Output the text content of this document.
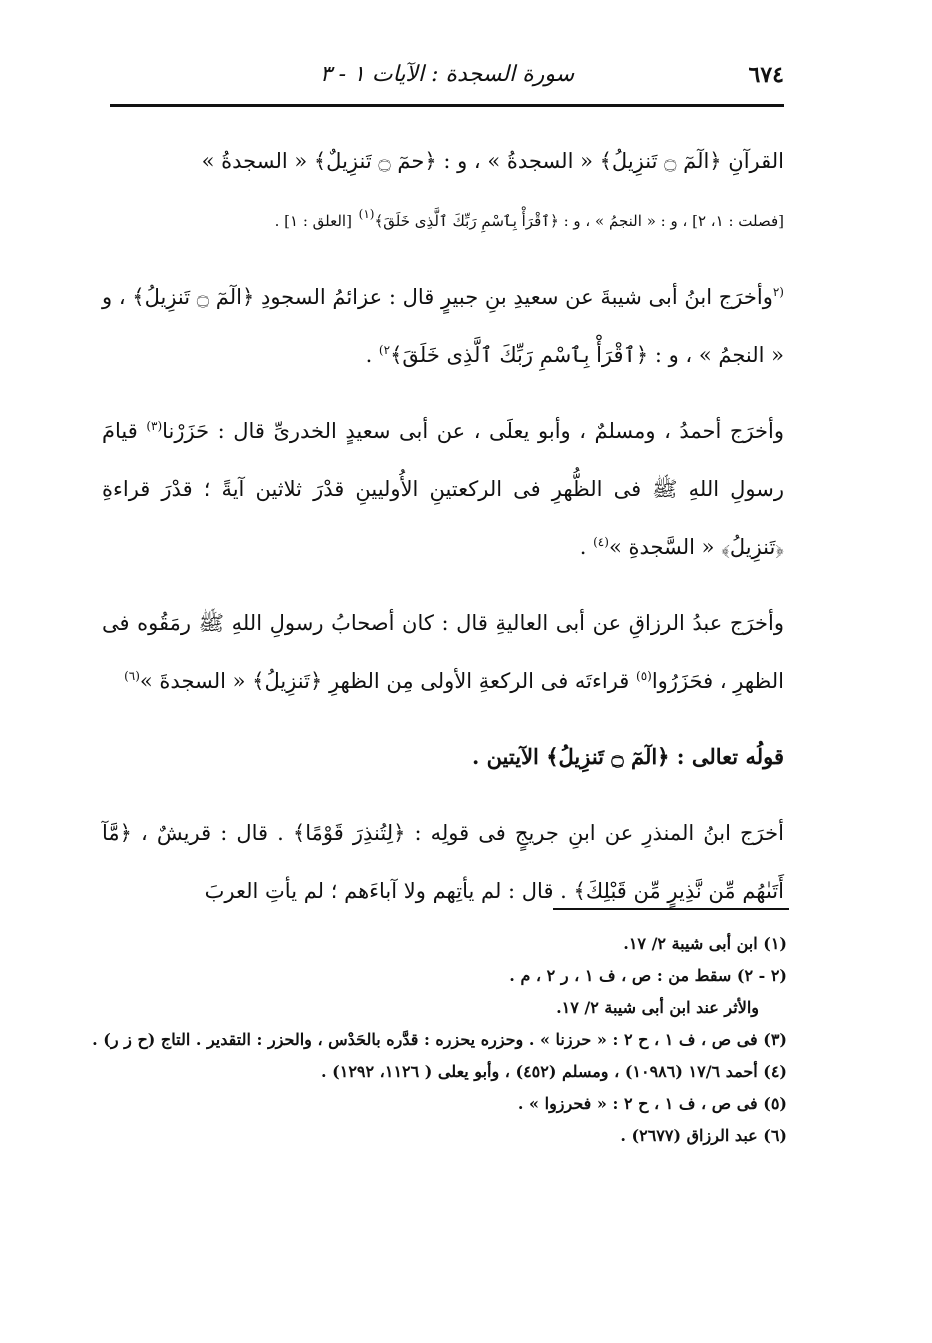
٦٧٤
سورة السجدة : الآيات ١ - ٣

القرآنِ ﴿الٓمٓ ۝ تَنزِيلُ﴾ « السجدةُ » ، و : ﴿حمٓ ۝ تَنزِيلٌ﴾ « السجدةُ »
[فصلت : ١، ٢] ، و : « النجمُ » ، و : ﴿ٱقْرَأْ بِٱسْمِ رَبِّكَ ٱلَّذِى خَلَقَ﴾$^{(١)}$ [العلق : ١] .

$^{(٢}$وأخرَج ابنُ أبى شيبةَ عن سعيدِ بنِ جبيرٍ قال : عزائمُ السجودِ ﴿الٓمٓ ۝ تَنزِيلُ﴾ ، و « النجمُ » ، و : ﴿ٱقْرَأْ بِٱسْمِ رَبِّكَ ٱلَّذِى خَلَقَ﴾$^{٢)}$ .

وأخرَج أحمدُ ، ومسلمٌ ، وأبو يعلَى ، عن أبى سعيدٍ الخدرىِّ قال : حَزَرْنا$^{(٣)}$ قيامَ رسولِ اللهِ ﷺ فى الظُّهرِ فى الركعتينِ الأُوليينِ قدْرَ ثلاثين آيةً ؛ قدْرَ قراءةِ ﴿تَنزِيلُ﴾ « السَّجدةِ »$^{(٤)}$ .

وأخرَج عبدُ الرزاقِ عن أبى العاليةِ قال : كان أصحابُ رسولِ اللهِ ﷺ رمَقُوه فى الظهرِ ، فحَزَرُوا$^{(٥)}$ قراءتَه فى الركعةِ الأولى مِن الظهرِ ﴿تَنزِيلُ﴾ « السجدةَ »$^{(٦)}$

قولُه تعالى : ﴿الٓمٓ ۝ تَنزِيلُ﴾ الآيتين .

أخرَج ابنُ المنذرِ عن ابنِ جريجٍ فى قولِه : ﴿لِتُنذِرَ قَوْمًا﴾ . قال : قريشٌ ، ﴿مَّآ أَتَىٰهُم مِّن نَّذِيرٍ مِّن قَبْلِكَ﴾ . قال : لم يأتِهم ولا آباءَهم ؛ لم يأتِ العربَ

(١) ابن أبى شيبة ٢/ ١٧.
(٢ - ٢) سقط من : ص ، ف ١ ، ر ٢ ، م .
والأثر عند ابن أبى شيبة ٢/ ١٧.
(٣) فى ص ، ف ١ ، ح ٢ : « حرزنا » . وحزره يحزره : قدَّره بالحَدْس ، والحزر : التقدير . التاج (ح ز ر) .
(٤) أحمد ١٧/٦ (١٠٩٨٦) ، ومسلم (٤٥٢) ، وأبو يعلى ( ١١٢٦، ١٢٩٢) .
(٥) فى ص ، ف ١ ، ح ٢ : « فحرزوا » .
(٦) عبد الرزاق (٢٦٧٧) .
